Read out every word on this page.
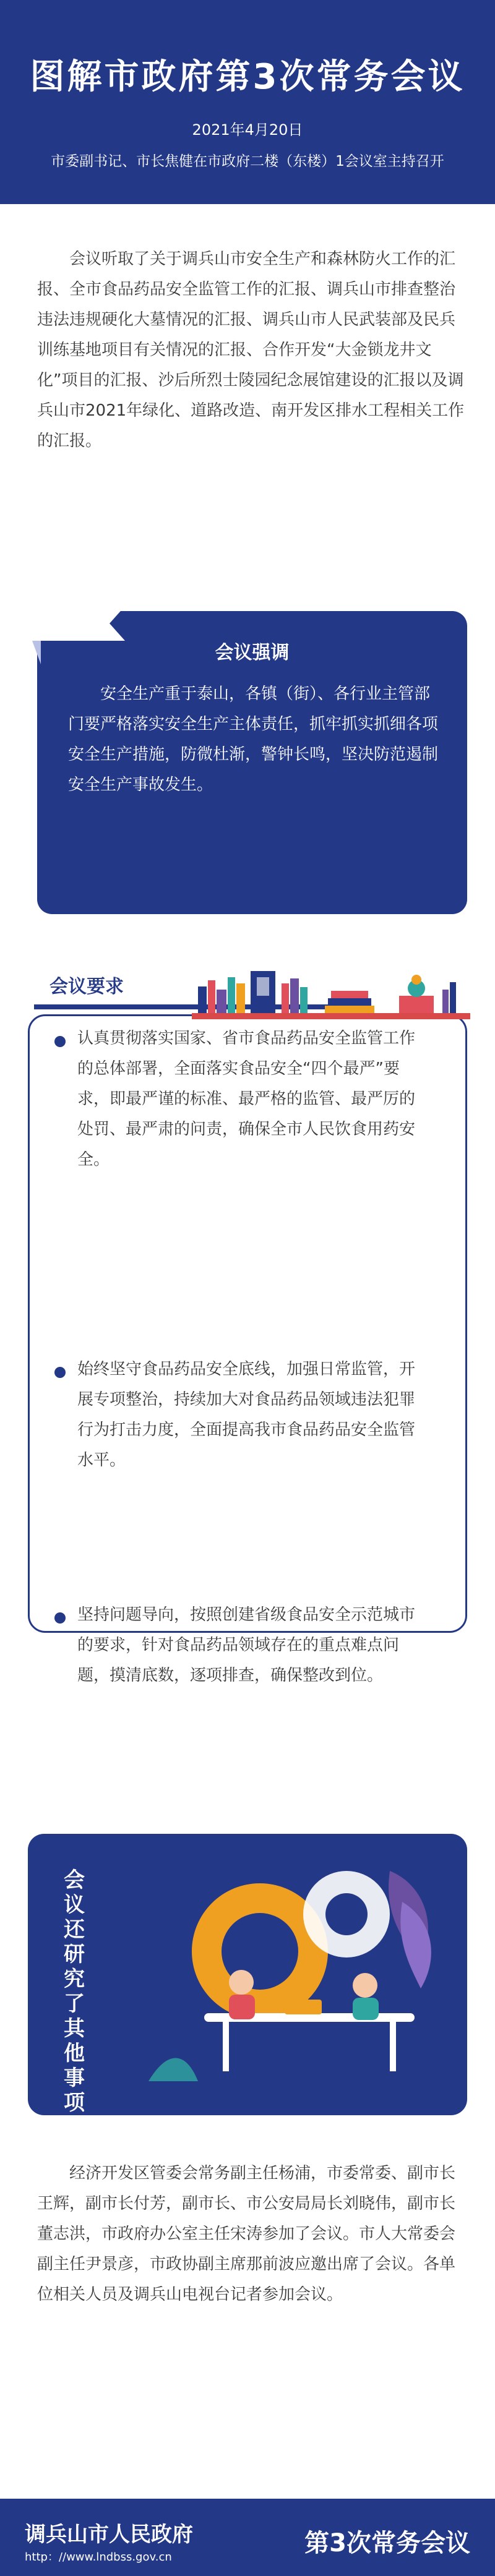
图解市政府第3次常务会议
2021年4月20日
市委副书记、市长焦健在市政府二楼（东楼）1会议室主持召开

会议听取了关于调兵山市安全生产和森林防火工作的汇报、全市食品药品安全监管工作的汇报、调兵山市排查整治违法违规硬化大墓情况的汇报、调兵山市人民武装部及民兵训练基地项目有关情况的汇报、合作开发“大金锁龙井文化”项目的汇报、沙后所烈士陵园纪念展馆建设的汇报以及调兵山市2021年绿化、道路改造、南开发区排水工程相关工作的汇报。

会议强调

安全生产重于泰山，各镇（街）、各行业主管部门要严格落实安全生产主体责任，抓牢抓实抓细各项安全生产措施，防微杜渐，警钟长鸣，坚决防范遏制安全生产事故发生。

会议要求

认真贯彻落实国家、省市食品药品安全监管工作的总体部署，全面落实食品安全“四个最严”要求，即最严谨的标准、最严格的监管、最严厉的处罚、最严肃的问责，确保全市人民饮食用药安全。

始终坚守食品药品安全底线，加强日常监管，开展专项整治，持续加大对食品药品领域违法犯罪行为打击力度，全面提高我市食品药品安全监管水平。

坚持问题导向，按照创建省级食品安全示范城市的要求，针对食品药品领域存在的重点难点问题，摸清底数，逐项排查，确保整改到位。

会
议
还
研
究
了
其
他
事
项

经济开发区管委会常务副主任杨浦，市委常委、副市长王辉，副市长付芳，副市长、市公安局局长刘晓伟，副市长董志洪，市政府办公室主任宋涛参加了会议。市人大常委会副主任尹景彦，市政协副主席那前波应邀出席了会议。各单位相关人员及调兵山电视台记者参加会议。

调兵山市人民政府
http：//www.lndbss.gov.cn	第3次常务会议
